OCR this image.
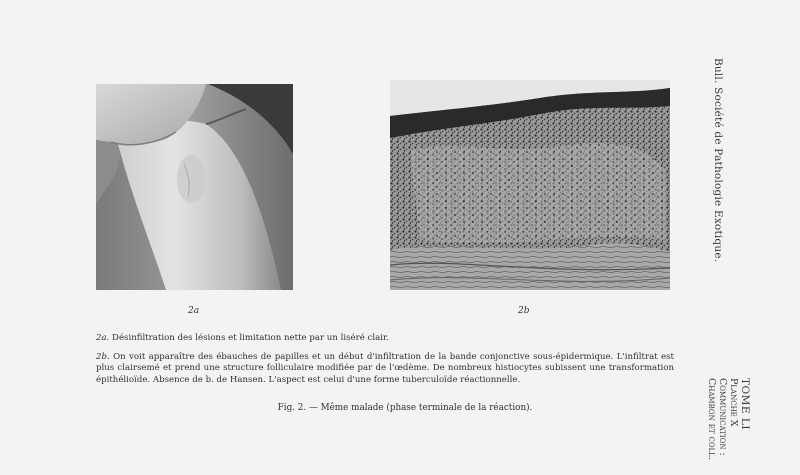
2a	2b
2a. Désinfiltration des lésions et limitation nette par un liséré clair.
2b. On voit apparaître des ébauches de papilles et un début d'infiltration de la bande conjonctive sous-épidermique. L'infiltrat est plus clairsemé et prend une structure folliculaire modifiée par de l'œdème. De nombreux histiocytes subissent une transformation épithélioïde. Absence de b. de Hansen. L'aspect est celui d'une forme tuberculoïde réactionnelle.
Fig. 2. — Même malade (phase terminale de la réaction).
Bull. Société de Pathologie Exotique.
TOME LI
Planche X
Communication :
Chambon et coll.
